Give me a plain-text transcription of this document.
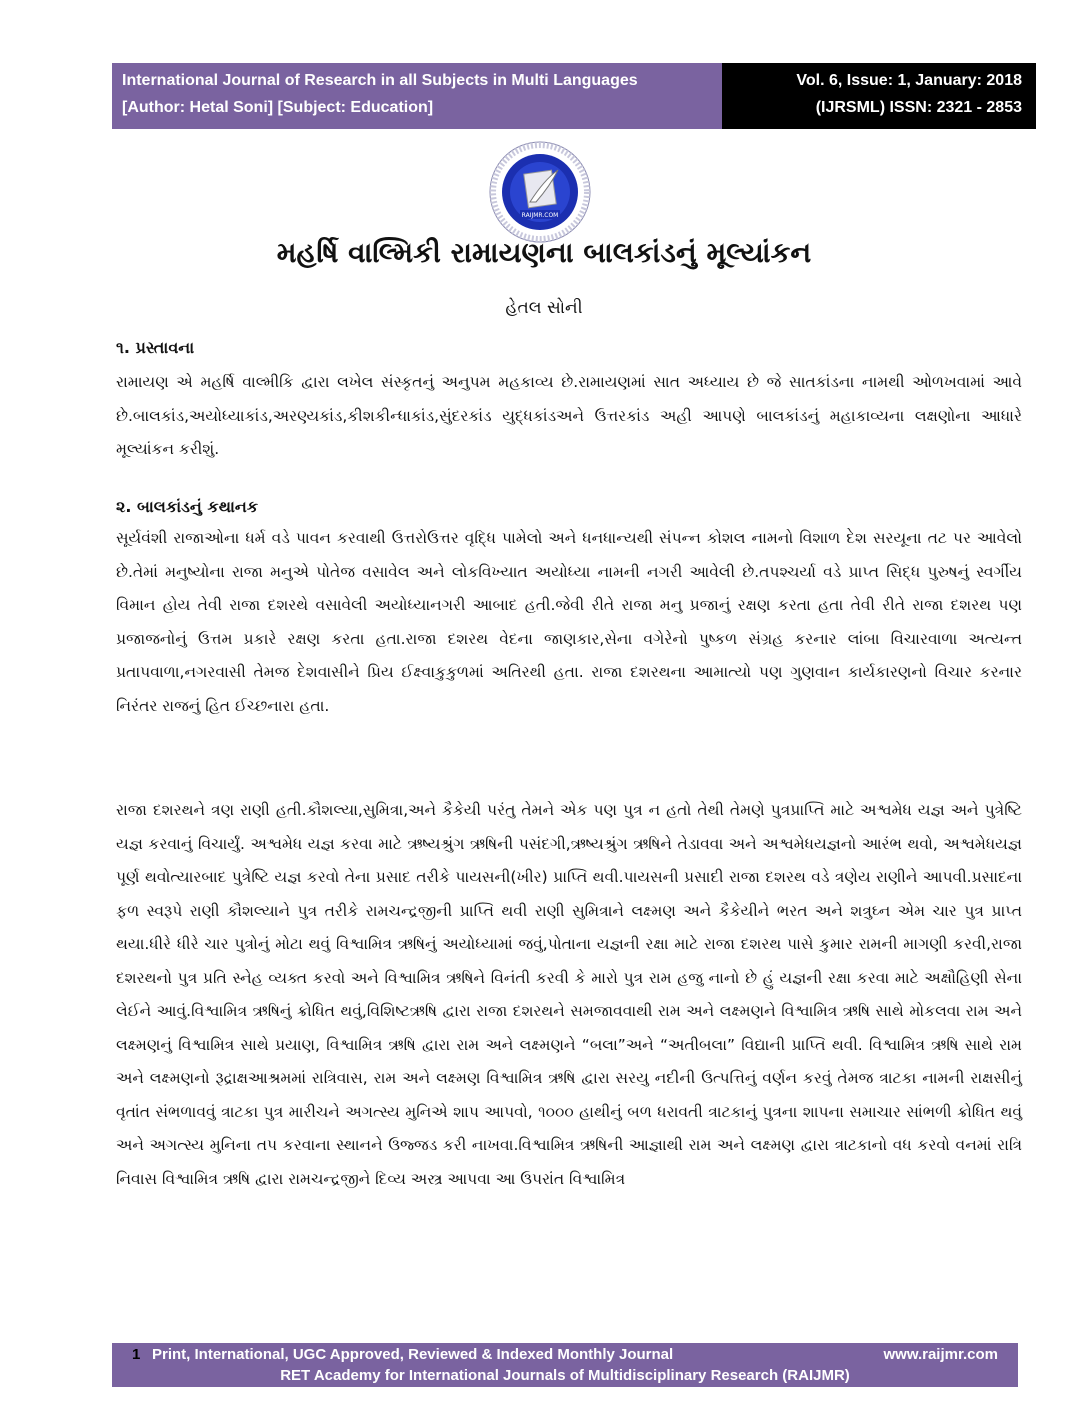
International Journal of Research in all Subjects in Multi Languages
[Author: Hetal Soni] [Subject: Education]
Vol. 6, Issue: 1, January: 2018
(IJRSML) ISSN: 2321 - 2853
RAIJMR.COM
મહર્ષિ વાલ્મિકી રામાયણના બાલકાંડનું મૂલ્યાંકન
હેતલ સોની
૧. પ્રસ્તાવના
રામાયણ એ મહર્ષિ વાલ્મીકિ દ્વારા લખેલ સંસ્કૃતનું અનુપમ મહકાવ્ય છે.રામાયણમાં સાત અધ્યાય છે જે સાતકાંડના નામથી ઓળખવામાં આવે છે.બાલકાંડ,અયોધ્યાકાંડ,અરણ્યકાંડ,કીશકીન્ધાકાંડ,સુંદરકાંડ યુદ્ધકાંડઅને ઉત્તરકાંડ અહી આપણે બાલકાંડનું મહાકાવ્યના લક્ષણોના આધારે મૂલ્યાંકન કરીશું.
૨. બાલકાંડનું કથાનક
સૂર્યવંશી રાજાઓના ધર્મ વડે પાવન કરવાથી ઉત્તરોઉત્તર વૃદ્ધિ પામેલો અને ધનધાન્યથી સંપન્ન કોશલ નામનો વિશાળ દેશ સરયૂના તટ પર આવેલો છે.તેમાં મનુષ્યોના રાજા મનુએ પોતેજ વસાવેલ અને લોકવિખ્યાત અયોધ્યા નામની નગરી આવેલી છે.તપશ્ચર્યા વડે પ્રાપ્ત સિદ્ધ પુરુષનું સ્વર્ગીય વિમાન હોય તેવી રાજા દશરથે વસાવેલી અયોધ્યાનગરી આબાદ હતી.જેવી રીતે રાજા મનુ પ્રજાનું રક્ષણ કરતા હતા તેવી રીતે રાજા દશરથ પણ પ્રજાજનોનું ઉત્તમ પ્રકારે રક્ષણ કરતા હતા.રાજા દશરથ વેદના જાણકાર,સેના વગેરેનો પુષ્કળ સંગ્રહ કરનાર લાંબા વિચારવાળા અત્યન્ત પ્રતાપવાળા,નગરવાસી તેમજ દેશવાસીને પ્રિય ઈક્ષ્વાકુકુળમાં અતિરથી હતા. રાજા દશરથના આમાત્યો પણ ગુણવાન કાર્યકારણનો વિચાર કરનાર નિરંતર રાજનું હિત ઈચ્છનારા હતા.
રાજા દશરથને ત્રણ રાણી હતી.કૌશલ્યા,સુમિત્રા,અને કૈકેયી પરંતુ તેમને એક પણ પુત્ર ન હતો તેથી તેમણે પુત્રપ્રાપ્તિ માટે અશ્વમેધ યજ્ઞ અને પુત્રેષ્ટિ યજ્ઞ કરવાનું વિચાર્યું. અશ્વમેધ યજ્ઞ કરવા માટે ઋષ્યશ્રુંગ ઋષિની પસંદગી,ઋષ્યશ્રુંગ ઋષિને તેડાવવા અને અશ્વમેધયજ્ઞનો આરંભ થવો, અશ્વમેધયજ્ઞ પૂર્ણ થવોત્યારબાદ પુત્રેષ્ટિ યજ્ઞ કરવો તેના પ્રસાદ તરીકે પાયસની(ખીર) પ્રાપ્તિ થવી.પાયસની પ્રસાદી રાજા દશરથ વડે ત્રણેય રાણીને આપવી.પ્રસાદના ફળ સ્વરૂપે રાણી કૌશલ્યાને પુત્ર તરીકે રામચન્દ્રજીની પ્રાપ્તિ થવી રાણી સુમિત્રાને લક્ષ્મણ અને કૈકેયીને ભરત અને શત્રુઘ્ન એમ ચાર પુત્ર પ્રાપ્ત થયા.ધીરે ધીરે ચાર પુત્રોનું મોટા થવું વિશ્વામિત્ર ઋષિનું અયોધ્યામાં જવું,પોતાના યજ્ઞની રક્ષા માટે રાજા દશરથ પાસે કુમાર રામની માગણી કરવી,રાજા દશરથનો પુત્ર પ્રતિ સ્નેહ વ્યક્ત કરવો અને વિશ્વામિત્ર ઋષિને વિનંતી કરવી કે મારો પુત્ર રામ હજુ નાનો છે હું યજ્ઞની રક્ષા કરવા માટે અક્ષૌહિણી સેના લેઈને આવું.વિશ્વામિત્ર ઋષિનું ક્રોધિત થવું,વિશિષ્ટઋષિ દ્વારા રાજા દશરથને સમજાવવાથી રામ અને લક્ષ્મણને વિશ્વામિત્ર ઋષિ સાથે મોકલવા રામ અને લક્ષ્મણનું વિશ્વામિત્ર સાથે પ્રયાણ, વિશ્વામિત્ર ઋષિ દ્વારા રામ અને લક્ષ્મણને “બલા”અને “અતીબલા” વિદ્યાની પ્રાપ્તિ થવી. વિશ્વામિત્ર ઋષિ સાથે રામ અને લક્ષ્મણનો રૂદ્રાક્ષઆશ્રમમાં રાત્રિવાસ, રામ અને લક્ષ્મણ વિશ્વામિત્ર ઋષિ દ્વારા સરયુ નદીની ઉત્પત્તિનું વર્ણન કરવું તેમજ ત્રાટકા નામની રાક્ષસીનું વૃતાંત સંભળાવવું ત્રાટકા પુત્ર મારીચને અગત્સ્ય મુનિએ શાપ આપવો, ૧૦૦૦ હાથીનું બળ ધરાવતી ત્રાટકાનું પુત્રના શાપના સમાચાર સાંભળી ક્રોધિત થવું અને અગત્સ્ય મુનિના તપ કરવાના સ્થાનને ઉજ્જડ કરી નાખવા.વિશ્વામિત્ર ઋષિની આજ્ઞાથી રામ અને લક્ષ્મણ દ્વારા ત્રાટકાનો વધ કરવો વનમાં રાત્રિ નિવાસ વિશ્વામિત્ર ઋષિ દ્વારા રામચન્દ્રજીને દિવ્ય અસ્ત્ર આપવા આ ઉપરાંત વિશ્વામિત્ર
1 Print, International, UGC Approved, Reviewed & Indexed Monthly Journal	www.raijmr.com
RET Academy for International Journals of Multidisciplinary Research (RAIJMR)
